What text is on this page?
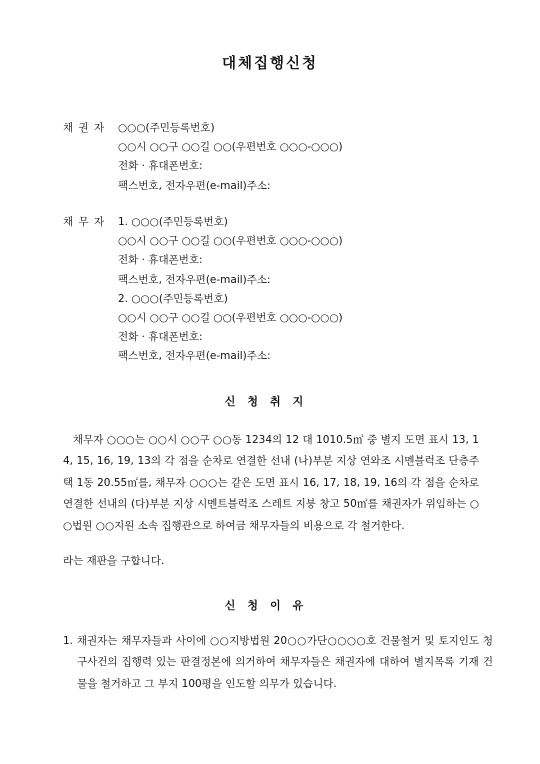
대체집행신청
채 권 자	○○○(주민등록번호)
○○시 ○○구 ○○길 ○○(우편번호 ○○○-○○○)
전화 · 휴대폰번호:
팩스번호, 전자우편(e-mail)주소:
채 무 자	1. ○○○(주민등록번호)
○○시 ○○구 ○○길 ○○(우편번호 ○○○-○○○)
전화 · 휴대폰번호:
팩스번호, 전자우편(e-mail)주소:
2. ○○○(주민등록번호)
○○시 ○○구 ○○길 ○○(우편번호 ○○○-○○○)
전화 · 휴대폰번호:
팩스번호, 전자우편(e-mail)주소:
신청취지

채무자 ○○○는 ○○시 ○○구 ○○동 1234의 12 대 1010.5㎡ 중 별지 도면 표시 13, 14, 15, 16, 19, 13의 각 점을 순차로 연결한 선내 (나)부분 지상 연와조 시멘블럭조 단층주택 1동 20.55㎡를, 채무자 ○○○는 같은 도면 표시 16, 17, 18, 19, 16의 각 점을 순차로 연결한 선내의 (다)부분 지상 시멘트블럭조 스레트 지붕 창고 50㎡를 채권자가 위임하는 ○○법원 ○○지원 소속 집행관으로 하여금 채무자들의 비용으로 각 철거한다.

라는 재판을 구합니다.
신청이유

1. 채권자는 채무자들과 사이에 ○○지방법원 20○○가단○○○○호 건물철거 및 토지인도 청구사건의 집행력 있는 판결정본에 의거하여 채무자들은 채권자에 대하여 별지목록 기재 건물을 철거하고 그 부지 100평을 인도할 의무가 있습니다.
